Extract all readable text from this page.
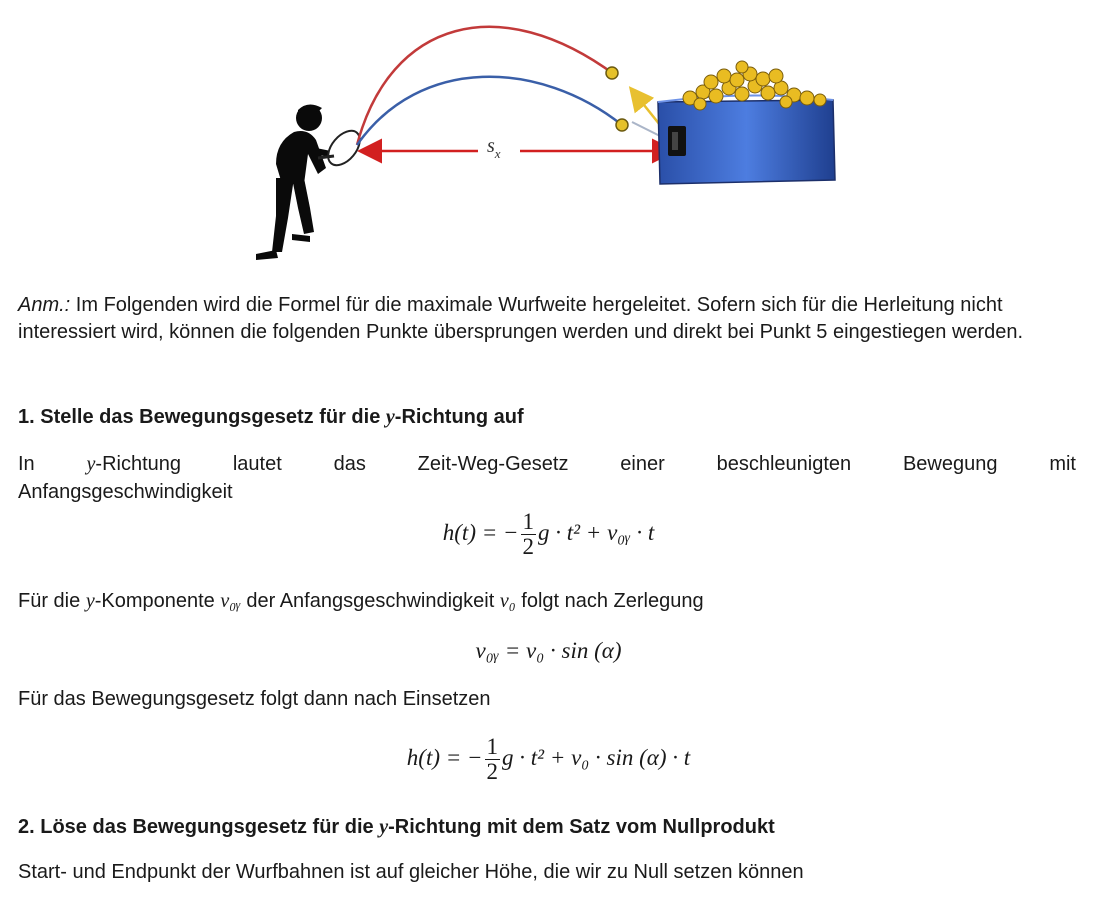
$s_x$

Anm.: Im Folgenden wird die Formel für die maximale Wurfweite hergeleitet. Sofern sich für die Herleitung nicht interessiert wird, können die folgenden Punkte übersprungen werden und direkt bei Punkt 5 eingestiegen werden.

1. Stelle das Bewegungsgesetz für die y-Richtung auf
In y-Richtung lautet das Zeit-Weg-Gesetz einer beschleunigten Bewegung mit
Anfangsgeschwindigkeit
h(t) = − $\frac{1}{2}$ g · t² + v₀ᵧ · t
Für die y-Komponente v₀ᵧ der Anfangsgeschwindigkeit v₀ folgt nach Zerlegung
v₀ᵧ = v₀ · sin (α)
Für das Bewegungsgesetz folgt dann nach Einsetzen
h(t) = − $\frac{1}{2}$ g · t² + v₀ · sin (α) · t
2. Löse das Bewegungsgesetz für die y-Richtung mit dem Satz vom Nullprodukt
Start- und Endpunkt der Wurfbahnen ist auf gleicher Höhe, die wir zu Null setzen können
